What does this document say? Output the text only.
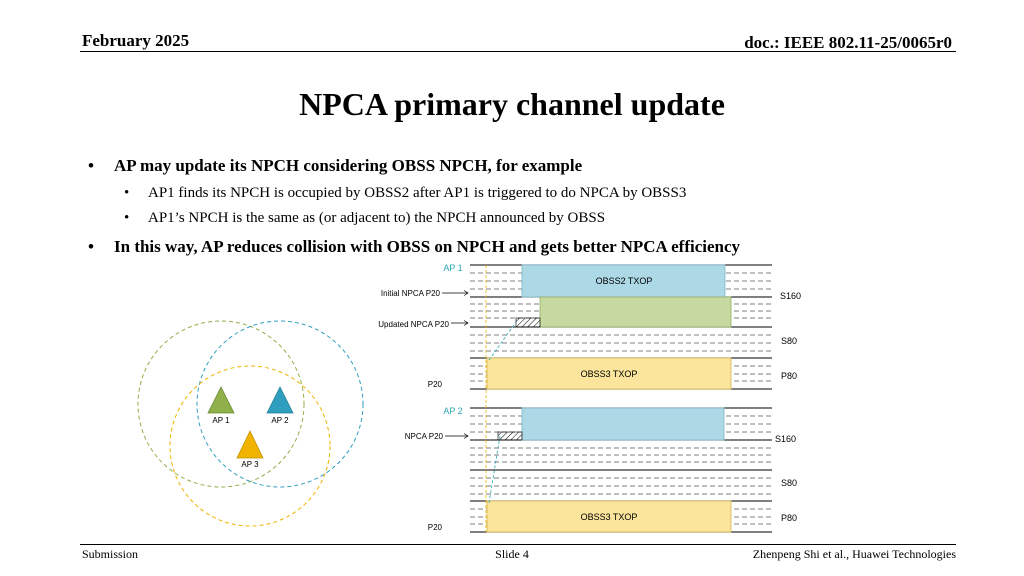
February 2025	doc.: IEEE 802.11-25/0065r0
NPCA primary channel update
• AP may update its NPCH considering OBSS NPCH, for example
• AP1 finds its NPCH is occupied by OBSS2 after AP1 is triggered to do NPCA by OBSS3
• AP1’s NPCH is the same as (or adjacent to) the NPCH announced by OBSS
• In this way, AP reduces collision with OBSS on NPCH and gets better NPCA efficiency
AP 1	AP 2
AP 3
AP 1
OBSS2 TXOP
OBSS3 TXOP
Initial NPCA P20
Updated NPCA P20
P20
S160
S80
P80
AP 2
OBSS3 TXOP
NPCA P20
P20
S160
S80
P80
Submission	Slide 4	Zhenpeng Shi et al., Huawei Technologies
